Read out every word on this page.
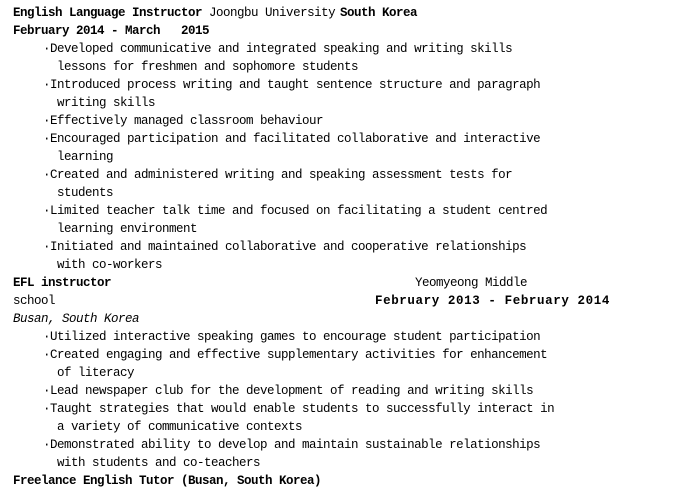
English Language Instructor Joongbu University South Korea
February 2014 - March   2015
·Developed communicative and integrated speaking and writing skills
lessons for freshmen and sophomore students
·Introduced process writing and taught sentence structure and paragraph
writing skills
·Effectively managed classroom behaviour
·Encouraged participation and facilitated collaborative and interactive
learning
·Created and administered writing and speaking assessment tests for
students
·Limited teacher talk time and focused on facilitating a student centred
learning environment
·Initiated and maintained collaborative and cooperative relationships
with co-workers
EFL instructor	Yeomyeong Middle
school	February 2013 - February 2014
Busan, South Korea
·Utilized interactive speaking games to encourage student participation
·Created engaging and effective supplementary activities for enhancement
of literacy
·Lead newspaper club for the development of reading and writing skills
·Taught strategies that would enable students to successfully interact in
a variety of communicative contexts
·Demonstrated ability to develop and maintain sustainable relationships
with students and co-teachers
Freelance English Tutor (Busan, South Korea)
